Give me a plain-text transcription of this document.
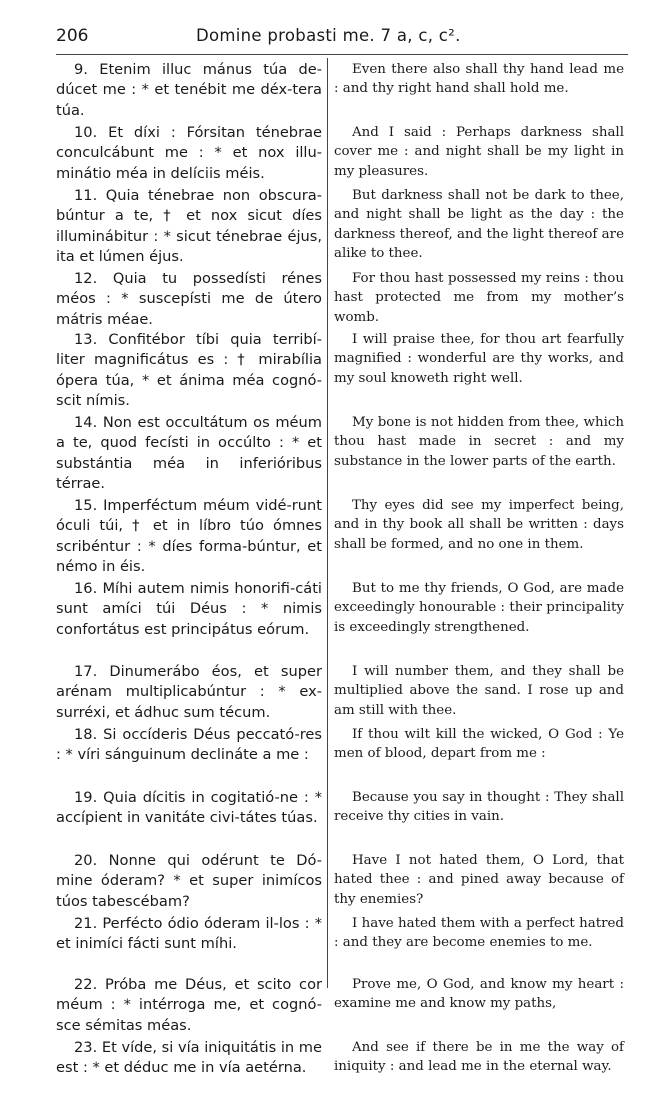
206	Domine probasti me. 7 a, c, c².

9. Etenim illuc mánus túa de-dúcet me : * et tenébit me déx-tera túa.

10. Et díxi : Fórsitan ténebrae conculcábunt me : * et nox illu-minátio méa in delíciis méis.

11. Quia ténebrae non obscura-búntur a te, † et nox sicut díes illuminábitur : * sicut ténebrae éjus, ita et lúmen éjus.

12. Quia tu possedísti rénes méos : * suscepísti me de útero mátris méae.

13. Confitébor tíbi quia terribí-liter magnificátus es : † mirabília ópera túa, * et ánima méa cognó-scit nímis.

14. Non est occultátum os méum a te, quod fecísti in occúlto : * et substántia méa in inferióribus térrae.

15. Imperféctum méum vidé-runt óculi túi, † et in líbro túo ómnes scribéntur : * díes forma-búntur, et némo in éis.

16. Míhi autem nimis honorifi-cáti sunt amíci túi Déus : * nimis confortátus est principátus eórum.

17. Dinumerábo éos, et super arénam multiplicabúntur : * ex-surréxi, et ádhuc sum técum.

18. Si occíderis Déus peccató-res : * víri sánguinum declináte a me :

19. Quia dícitis in cogitatió-ne : * accípient in vanitáte civi-tátes túas.

20. Nonne qui odérunt te Dó-mine óderam? * et super inimícos túos tabescébam?

21. Perfécto ódio óderam il-los : * et inimíci fácti sunt míhi.

22. Próba me Déus, et scito cor méum : * intérroga me, et cognó-sce sémitas méas.

23. Et víde, si vía iniquitátis in me est : * et déduc me in vía aetérna.

Even there also shall thy hand lead me : and thy right hand shall hold me.

And I said : Perhaps darkness shall cover me : and night shall be my light in my pleasures.

But darkness shall not be dark to thee, and night shall be light as the day : the darkness thereof, and the light thereof are alike to thee.

For thou hast possessed my reins : thou hast protected me from my mother’s womb.

I will praise thee, for thou art fearfully magnified : wonderful are thy works, and my soul knoweth right well.

My bone is not hidden from thee, which thou hast made in secret : and my substance in the lower parts of the earth.

Thy eyes did see my imperfect being, and in thy book all shall be written : days shall be formed, and no one in them.

But to me thy friends, O God, are made exceedingly honourable : their principality is exceedingly strengthened.

I will number them, and they shall be multiplied above the sand. I rose up and am still with thee.

If thou wilt kill the wicked, O God : Ye men of blood, depart from me :

Because you say in thought : They shall receive thy cities in vain.

Have I not hated them, O Lord, that hated thee : and pined away because of thy enemies?

I have hated them with a perfect hatred : and they are become enemies to me.

Prove me, O God, and know my heart : examine me and know my paths,

And see if there be in me the way of iniquity : and lead me in the eternal way.
